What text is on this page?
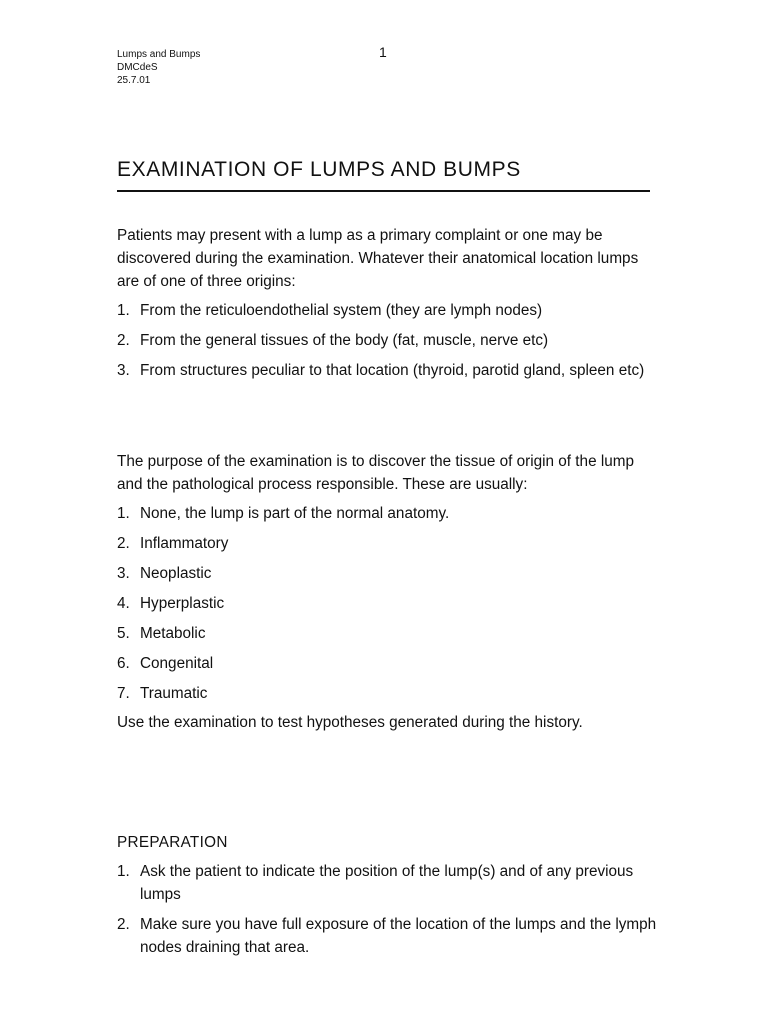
Lumps and Bumps
DMCdeS
25.7.01
1
EXAMINATION OF LUMPS AND BUMPS

Patients may present with a lump as a primary complaint or one may be discovered during the examination. Whatever their anatomical location lumps are of one of three origins:

1. From the reticuloendothelial system (they are lymph nodes)
2. From the general tissues of the body (fat, muscle, nerve etc)
3. From structures peculiar to that location (thyroid, parotid gland, spleen etc)

The purpose of the examination is to discover the tissue of origin of the lump and the pathological process responsible. These are usually:

1. None, the lump is part of the normal anatomy.
2. Inflammatory
3. Neoplastic
4. Hyperplastic
5. Metabolic
6. Congenital
7. Traumatic

Use the examination to test hypotheses generated during the history.

PREPARATION
1. Ask the patient to indicate the position of the lump(s) and of any previous lumps
2. Make sure you have full exposure of the location of the lumps and the lymph nodes draining that area.
